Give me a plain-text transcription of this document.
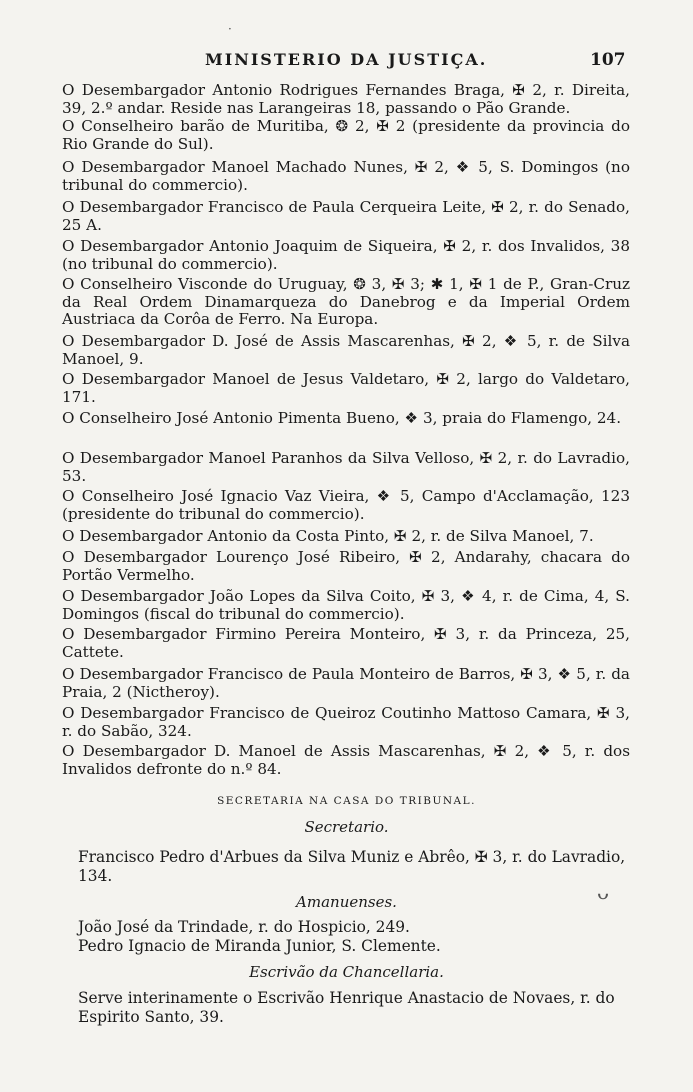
MINISTERIO DA JUSTIÇA.	107
O Desembargador Antonio Rodrigues Fernandes Braga, ✠ 2, r. Direita, 39, 2.º andar. Reside nas Larangeiras 18, passando o Pão Grande.
O Conselheiro barão de Muritiba, ❂ 2, ✠ 2 (presidente da provincia do Rio Grande do Sul).
O Desembargador Manoel Machado Nunes, ✠ 2, ❖ 5, S. Domingos (no tribunal do commercio).
O Desembargador Francisco de Paula Cerqueira Leite, ✠ 2, r. do Senado, 25 A.
O Desembargador Antonio Joaquim de Siqueira, ✠ 2, r. dos Invalidos, 38 (no tribunal do commercio).
O Conselheiro Visconde do Uruguay, ❂ 3, ✠ 3; ✱ 1, ✠ 1 de P., Gran-Cruz da Real Ordem Dinamarqueza do Danebrog e da Imperial Ordem Austriaca da Corôa de Ferro. Na Europa.
O Desembargador D. José de Assis Mascarenhas, ✠ 2, ❖ 5, r. de Silva Manoel, 9.
O Desembargador Manoel de Jesus Valdetaro, ✠ 2, largo do Valdetaro, 171.
O Conselheiro José Antonio Pimenta Bueno, ❖ 3, praia do Flamengo, 24.
O Desembargador Manoel Paranhos da Silva Velloso, ✠ 2, r. do Lavradio, 53.
O Conselheiro José Ignacio Vaz Vieira, ❖ 5, Campo d'Acclamação, 123 (presidente do tribunal do commercio).
O Desembargador Antonio da Costa Pinto, ✠ 2, r. de Silva Manoel, 7.
O Desembargador Lourenço José Ribeiro, ✠ 2, Andarahy, chacara do Portão Vermelho.
O Desembargador João Lopes da Silva Coito, ✠ 3, ❖ 4, r. de Cima, 4, S. Domingos (fiscal do tribunal do commercio).
O Desembargador Firmino Pereira Monteiro, ✠ 3, r. da Princeza, 25, Cattete.
O Desembargador Francisco de Paula Monteiro de Barros, ✠ 3, ❖ 5, r. da Praia, 2 (Nictheroy).
O Desembargador Francisco de Queiroz Coutinho Mattoso Camara, ✠ 3, r. do Sabão, 324.
O Desembargador D. Manoel de Assis Mascarenhas, ✠ 2, ❖ 5, r. dos Invalidos defronte do n.º 84.
SECRETARIA NA CASA DO TRIBUNAL.
Secretario.
Francisco Pedro d'Arbues da Silva Muniz e Abrêo, ✠ 3, r. do Lavradio, 134.
Amanuenses.
João José da Trindade, r. do Hospicio, 249.
Pedro Ignacio de Miranda Junior, S. Clemente.
Escrivão da Chancellaria.
Serve interinamente o Escrivão Henrique Anastacio de Novaes, r. do Espirito Santo, 39.
·
ᴗ
